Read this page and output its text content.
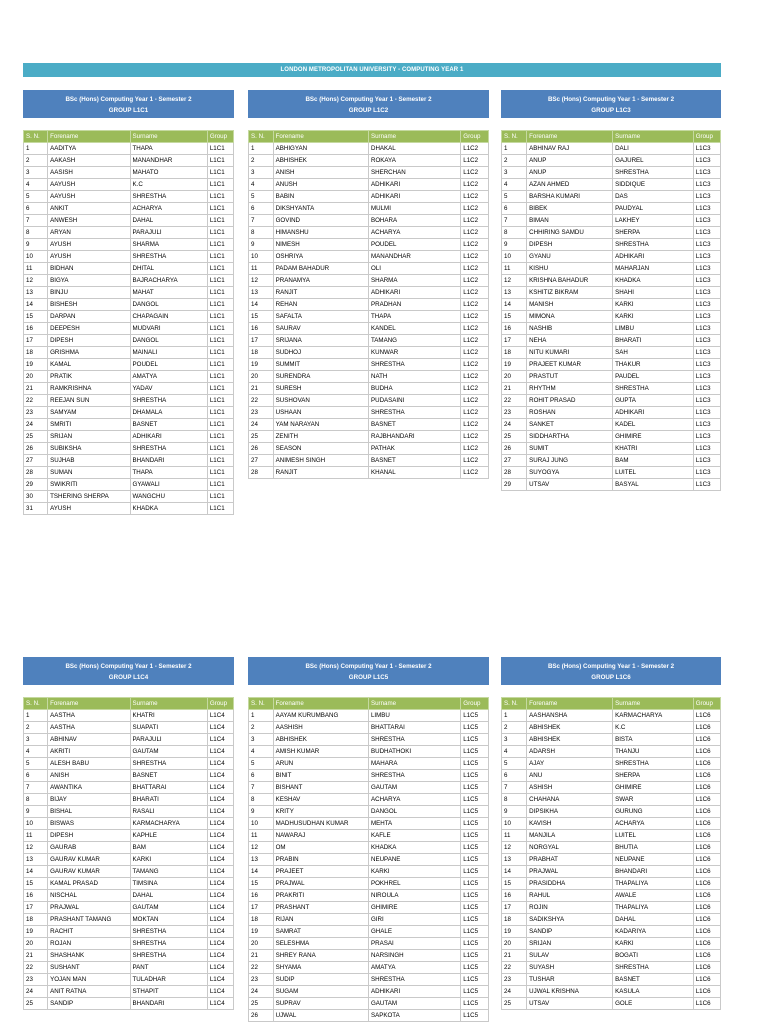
LONDON METROPOLITAN UNIVERSITY - COMPUTING YEAR 1
BSc (Hons) Computing Year 1 - Semester 2
GROUP L1C1
S. N.	Forename	Surname	Group
1	AADITYA	THAPA	L1C1
2	AAKASH	MANANDHAR	L1C1
3	AASISH	MAHATO	L1C1
4	AAYUSH	K.C	L1C1
5	AAYUSH	SHRESTHA	L1C1
6	ANKIT	ACHARYA	L1C1
7	ANWESH	DAHAL	L1C1
8	ARYAN	PARAJULI	L1C1
9	AYUSH	SHARMA	L1C1
10	AYUSH	SHRESTHA	L1C1
11	BIDHAN	DHITAL	L1C1
12	BIGYA	BAJRACHARYA	L1C1
13	BINJU	MAHAT	L1C1
14	BISHESH	DANGOL	L1C1
15	DARPAN	CHAPAGAIN	L1C1
16	DEEPESH	MUDVARI	L1C1
17	DIPESH	DANGOL	L1C1
18	GRISHMA	MAINALI	L1C1
19	KAMAL	POUDEL	L1C1
20	PRATIK	AMATYA	L1C1
21	RAMKRISHNA	YADAV	L1C1
22	REEJAN SUN	SHRESTHA	L1C1
23	SAMYAM	DHAMALA	L1C1
24	SMRITI	BASNET	L1C1
25	SRIJAN	ADHIKARI	L1C1
26	SUBIKSHA	SHRESTHA	L1C1
27	SUJHAB	BHANDARI	L1C1
28	SUMAN	THAPA	L1C1
29	SWIKRITI	GYAWALI	L1C1
30	TSHERING SHERPA	WANGCHU	L1C1
31	AYUSH	KHADKA	L1C1
BSc (Hons) Computing Year 1 - Semester 2
GROUP L1C2
S. N.	Forename	Surname	Group
1	ABHIGYAN	DHAKAL	L1C2
2	ABHISHEK	ROKAYA	L1C2
3	ANISH	SHERCHAN	L1C2
4	ANUSH	ADHIKARI	L1C2
5	BABIN	ADHIKARI	L1C2
6	DIKSHYANTA	MULMI	L1C2
7	GOVIND	BOHARA	L1C2
8	HIMANSHU	ACHARYA	L1C2
9	NIMESH	POUDEL	L1C2
10	OSHRIYA	MANANDHAR	L1C2
11	PADAM BAHADUR	OLI	L1C2
12	PRANAMYA	SHARMA	L1C2
13	RANJIT	ADHIKARI	L1C2
14	REHAN	PRADHAN	L1C2
15	SAFALTA	THAPA	L1C2
16	SAURAV	KANDEL	L1C2
17	SRIJANA	TAMANG	L1C2
18	SUDHOJ	KUNWAR	L1C2
19	SUMMIT	SHRESTHA	L1C2
20	SURENDRA	NATH	L1C2
21	SURESH	BUDHA	L1C2
22	SUSHOVAN	PUDASAINI	L1C2
23	USHAAN	SHRESTHA	L1C2
24	YAM NARAYAN	BASNET	L1C2
25	ZENITH	RAJBHANDARI	L1C2
26	SEASON	PATHAK	L1C2
27	ANIMESH SINGH	BASNET	L1C2
28	RANJIT	KHANAL	L1C2
BSc (Hons) Computing Year 1 - Semester 2
GROUP L1C3
S. N.	Forename	Surname	Group
1	ABHINAV RAJ	DALI	L1C3
2	ANUP	GAJUREL	L1C3
3	ANUP	SHRESTHA	L1C3
4	AZAN AHMED	SIDDIQUE	L1C3
5	BARSHA KUMARI	DAS	L1C3
6	BIBEK	PAUDYAL	L1C3
7	BIMAN	LAKHEY	L1C3
8	CHHIRING SAMDU	SHERPA	L1C3
9	DIPESH	SHRESTHA	L1C3
10	GYANU	ADHIKARI	L1C3
11	KISHU	MAHARJAN	L1C3
12	KRISHNA BAHADUR	KHADKA	L1C3
13	KSHITIZ BIKRAM	SHAHI	L1C3
14	MANISH	KARKI	L1C3
15	MIMONA	KARKI	L1C3
16	NASHIB	LIMBU	L1C3
17	NEHA	BHARATI	L1C3
18	NITU KUMARI	SAH	L1C3
19	PRAJEET KUMAR	THAKUR	L1C3
20	PRASTUT	PAUDEL	L1C3
21	RHYTHM	SHRESTHA	L1C3
22	ROHIT PRASAD	GUPTA	L1C3
23	ROSHAN	ADHIKARI	L1C3
24	SANKET	KADEL	L1C3
25	SIDDHARTHA	GHIMIRE	L1C3
26	SUMIT	KHATRI	L1C3
27	SURAJ JUNG	BAM	L1C3
28	SUYOGYA	LUITEL	L1C3
29	UTSAV	BASYAL	L1C3
BSc (Hons) Computing Year 1 - Semester 2
GROUP L1C4
S. N.	Forename	Surname	Group
1	AASTHA	KHATRI	L1C4
2	AASTHA	SUAPATI	L1C4
3	ABHINAV	PARAJULI	L1C4
4	AKRITI	GAUTAM	L1C4
5	ALESH BABU	SHRESTHA	L1C4
6	ANISH	BASNET	L1C4
7	AWANTIKA	BHATTARAI	L1C4
8	BIJAY	BHARATI	L1C4
9	BISHAL	RASALI	L1C4
10	BISWAS	KARMACHARYA	L1C4
11	DIPESH	KAPHLE	L1C4
12	GAURAB	BAM	L1C4
13	GAURAV KUMAR	KARKI	L1C4
14	GAURAV KUMAR	TAMANG	L1C4
15	KAMAL PRASAD	TIMSINA	L1C4
16	NISCHAL	DAHAL	L1C4
17	PRAJWAL	GAUTAM	L1C4
18	PRASHANT TAMANG	MOKTAN	L1C4
19	RACHIT	SHRESTHA	L1C4
20	ROJAN	SHRESTHA	L1C4
21	SHASHANK	SHRESTHA	L1C4
22	SUSHANT	PANT	L1C4
23	YOJAN MAN	TULADHAR	L1C4
24	ANIT RATNA	STHAPIT	L1C4
25	SANDIP	BHANDARI	L1C4
BSc (Hons) Computing Year 1 - Semester 2
GROUP L1C5
S. N.	Forename	Surname	Group
1	AAYAM KURUMBANG	LIMBU	L1C5
2	AASHISH	BHATTARAI	L1C5
3	ABHISHEK	SHRESTHA	L1C5
4	AMISH KUMAR	BUDHATHOKI	L1C5
5	ARUN	MAHARA	L1C5
6	BINIT	SHRESTHA	L1C5
7	BISHANT	GAUTAM	L1C5
8	KESHAV	ACHARYA	L1C5
9	KRITY	DANGOL	L1C5
10	MADHUSUDHAN KUMAR	MEHTA	L1C5
11	NAWARAJ	KAFLE	L1C5
12	OM	KHADKA	L1C5
13	PRABIN	NEUPANE	L1C5
14	PRAJEET	KARKI	L1C5
15	PRAJWAL	POKHREL	L1C5
16	PRAKRITI	NIROULA	L1C5
17	PRASHANT	GHIMIRE	L1C5
18	RIJAN	GIRI	L1C5
19	SAMRAT	GHALE	L1C5
20	SELESHMA	PRASAI	L1C5
21	SHREY RANA	NARSINGH	L1C5
22	SHYAMA	AMATYA	L1C5
23	SUDIP	SHRESTHA	L1C5
24	SUGAM	ADHIKARI	L1C5
25	SUPRAV	GAUTAM	L1C5
26	UJWAL	SAPKOTA	L1C5
BSc (Hons) Computing Year 1 - Semester 2
GROUP L1C6
S. N.	Forename	Surname	Group
1	AASHANSHA	KARMACHARYA	L1C6
2	ABHISHEK	K.C	L1C6
3	ABHISHEK	BISTA	L1C6
4	ADARSH	THANJU	L1C6
5	AJAY	SHRESTHA	L1C6
6	ANU	SHERPA	L1C6
7	ASHISH	GHIMIRE	L1C6
8	CHAHANA	SWAR	L1C6
9	DIPSIKHA	GURUNG	L1C6
10	KAVISH	ACHARYA	L1C6
11	MANJILA	LUITEL	L1C6
12	NORGYAL	BHUTIA	L1C6
13	PRABHAT	NEUPANE	L1C6
14	PRAJWAL	BHANDARI	L1C6
15	PRASIDDHA	THAPALIYA	L1C6
16	RAHUL	AWALE	L1C6
17	ROJIN	THAPALIYA	L1C6
18	SADIKSHYA	DAHAL	L1C6
19	SANDIP	KADARIYA	L1C6
20	SRIJAN	KARKI	L1C6
21	SULAV	BOGATI	L1C6
22	SUYASH	SHRESTHA	L1C6
23	TUSHAR	BASNET	L1C6
24	UJWAL KRISHNA	KASULA	L1C6
25	UTSAV	GOLE	L1C6
